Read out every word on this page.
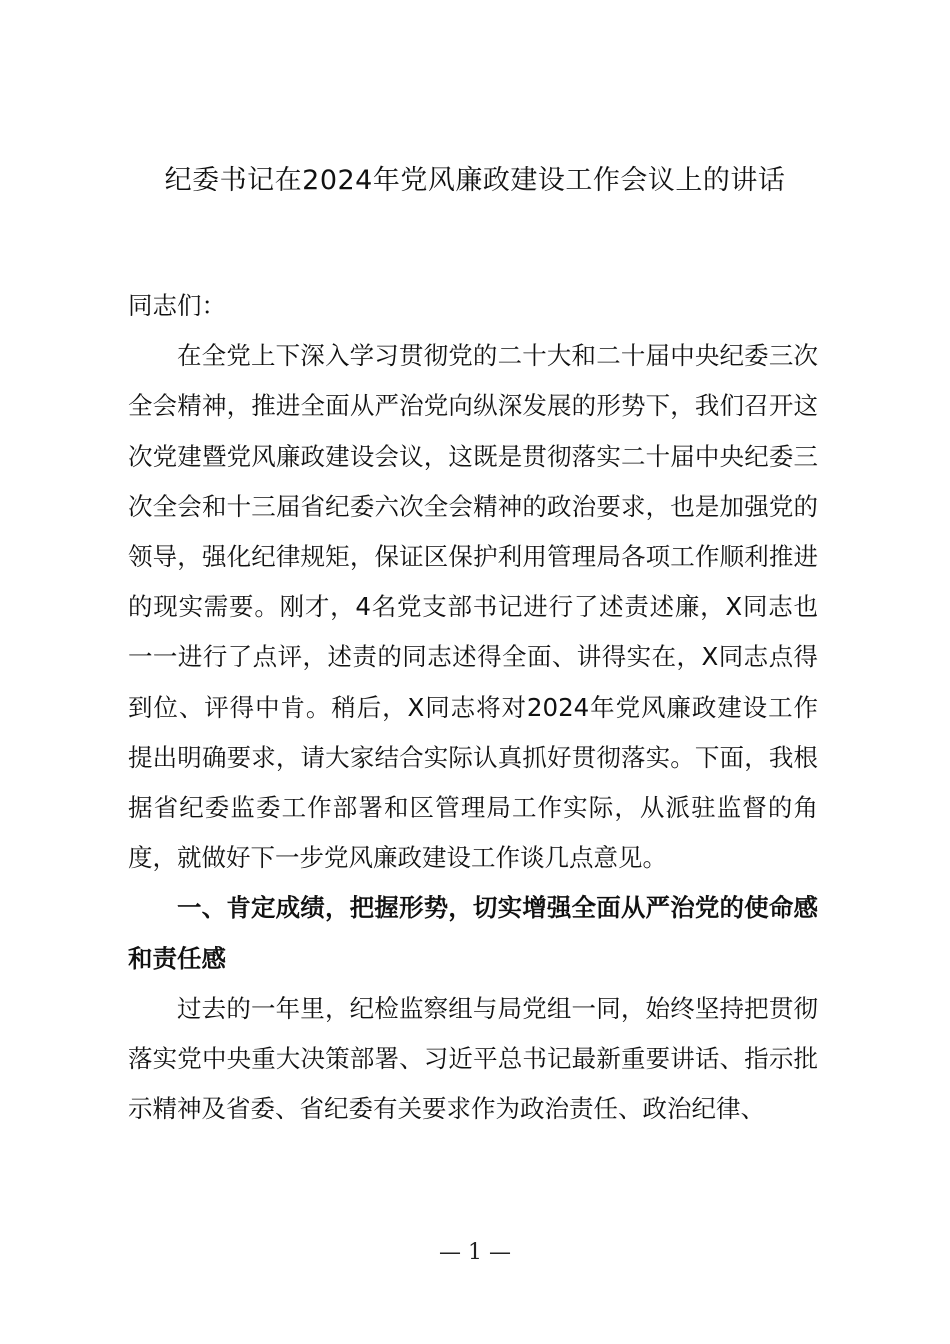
纪委书记在2024年党风廉政建设工作会议上的讲话

同志们：

在全党上下深入学习贯彻党的二十大和二十届中央纪委三次全会精神，推进全面从严治党向纵深发展的形势下，我们召开这次党建暨党风廉政建设会议，这既是贯彻落实二十届中央纪委三次全会和十三届省纪委六次全会精神的政治要求，也是加强党的领导，强化纪律规矩，保证区保护利用管理局各项工作顺利推进的现实需要。刚才，4名党支部书记进行了述责述廉，X同志也一一进行了点评，述责的同志述得全面、讲得实在，X同志点得到位、评得中肯。稍后，X同志将对2024年党风廉政建设工作提出明确要求，请大家结合实际认真抓好贯彻落实。下面，我根据省纪委监委工作部署和区管理局工作实际，从派驻监督的角度，就做好下一步党风廉政建设工作谈几点意见。

一、肯定成绩，把握形势，切实增强全面从严治党的使命感和责任感

过去的一年里，纪检监察组与局党组一同，始终坚持把贯彻落实党中央重大决策部署、习近平总书记最新重要讲话、指示批示精神及省委、省纪委有关要求作为政治责任、政治纪律、

— 1 —
